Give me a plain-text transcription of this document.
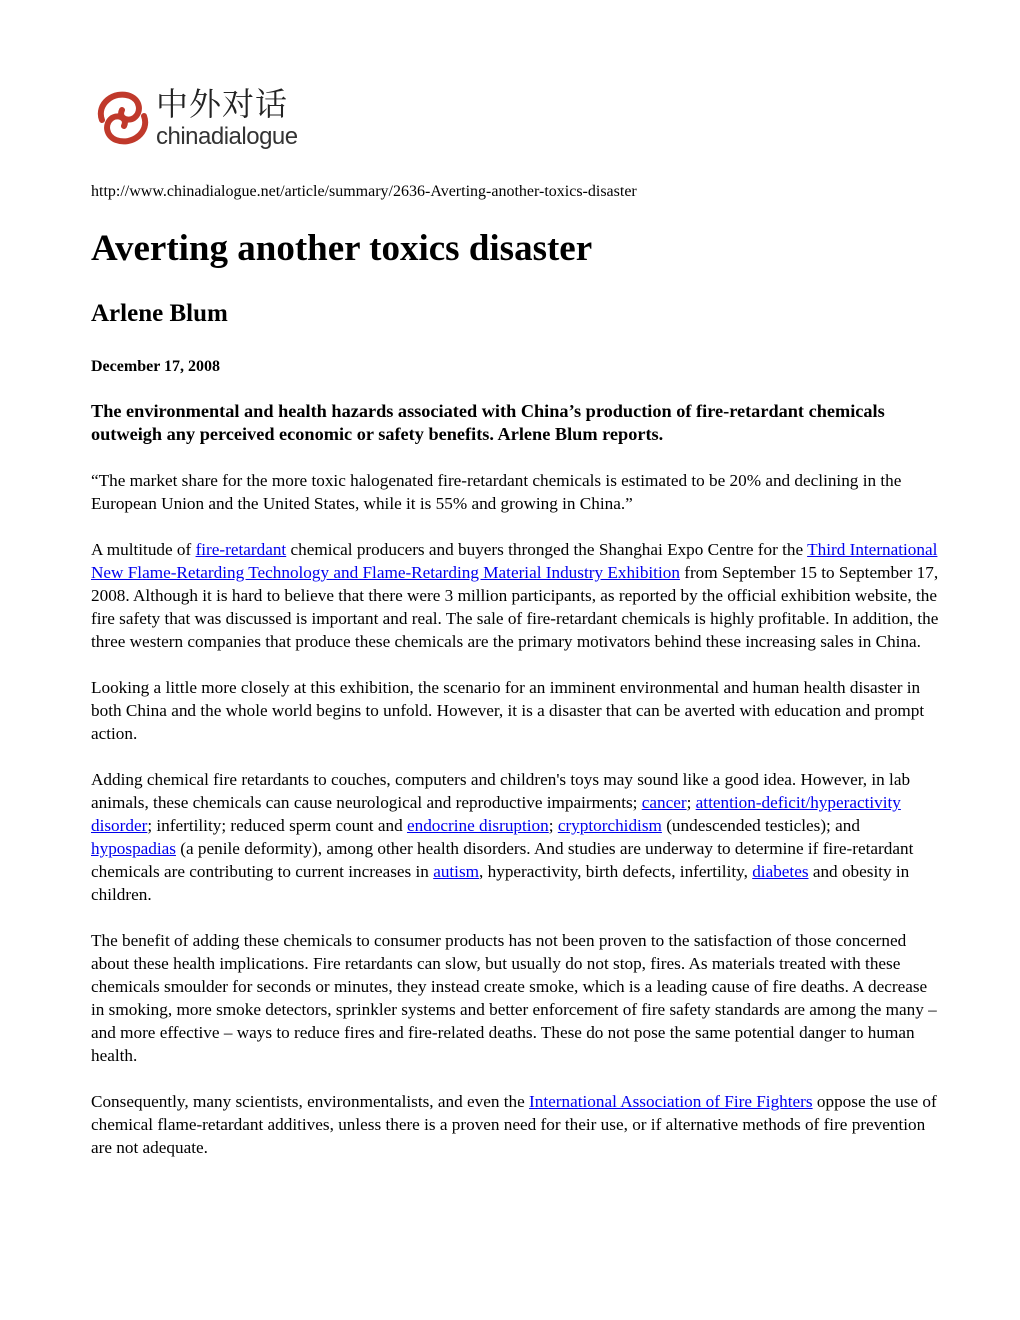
中外对话
chinadialogue
http://www.chinadialogue.net/article/summary/2636-Averting-another-toxics-disaster
Averting another toxics disaster
Arlene Blum
December 17, 2008

The environmental and health hazards associated with China’s production of fire-retardant chemicals outweigh any perceived economic or safety benefits. Arlene Blum reports.

“The market share for the more toxic halogenated fire-retardant chemicals is estimated to be 20% and declining in the European Union and the United States, while it is 55% and growing in China.”

A multitude of fire-retardant chemical producers and buyers thronged the Shanghai Expo Centre for the Third International New Flame-Retarding Technology and Flame-Retarding Material Industry Exhibition from September 15 to September 17, 2008. Although it is hard to believe that there were 3 million participants, as reported by the official exhibition website, the fire safety that was discussed is important and real. The sale of fire-retardant chemicals is highly profitable. In addition, the three western companies that produce these chemicals are the primary motivators behind these increasing sales in China.

Looking a little more closely at this exhibition, the scenario for an imminent environmental and human health disaster in both China and the whole world begins to unfold. However, it is a disaster that can be averted with education and prompt action.

Adding chemical fire retardants to couches, computers and children's toys may sound like a good idea. However, in lab animals, these chemicals can cause neurological and reproductive impairments; cancer; attention-deficit/hyperactivity disorder; infertility; reduced sperm count and endocrine disruption; cryptorchidism (undescended testicles); and hypospadias (a penile deformity), among other health disorders. And studies are underway to determine if fire-retardant chemicals are contributing to current increases in autism, hyperactivity, birth defects, infertility, diabetes and obesity in children.

The benefit of adding these chemicals to consumer products has not been proven to the satisfaction of those concerned about these health implications. Fire retardants can slow, but usually do not stop, fires. As materials treated with these chemicals smoulder for seconds or minutes, they instead create smoke, which is a leading cause of fire deaths. A decrease in smoking, more smoke detectors, sprinkler systems and better enforcement of fire safety standards are among the many – and more effective – ways to reduce fires and fire-related deaths. These do not pose the same potential danger to human health.

Consequently, many scientists, environmentalists, and even the International Association of Fire Fighters oppose the use of chemical flame-retardant additives, unless there is a proven need for their use, or if alternative methods of fire prevention are not adequate.
